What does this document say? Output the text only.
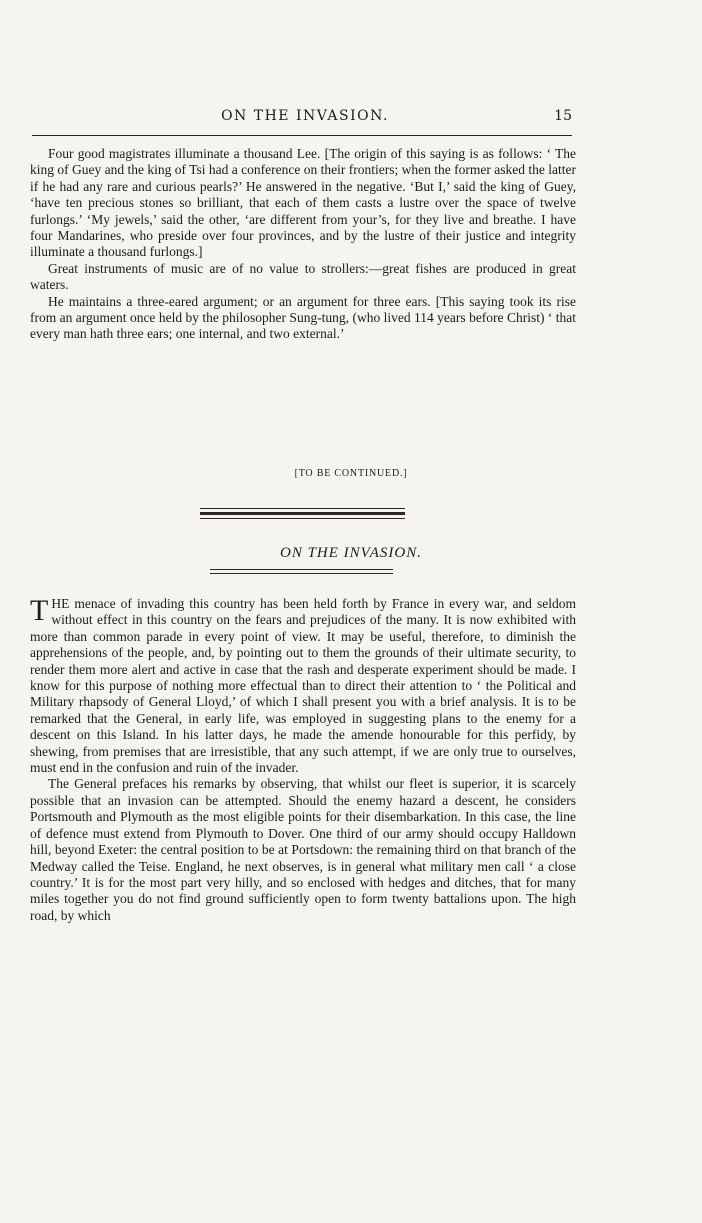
ON THE INVASION.	15

Four good magistrates illuminate a thousand Lee. [The origin of this saying is as follows: ‘ The king of Guey and the king of Tsi had a conference on their frontiers; when the former asked the latter if he had any rare and curious pearls?’ He answered in the negative. ‘But I,’ said the king of Guey, ‘have ten precious stones so brilliant, that each of them casts a lustre over the space of twelve furlongs.’ ‘My jewels,’ said the other, ‘are different from your’s, for they live and breathe. I have four Mandarines, who preside over four provinces, and by the lustre of their justice and integrity illuminate a thousand furlongs.]

Great instruments of music are of no value to strollers:—great fishes are produced in great waters.

He maintains a three-eared argument; or an argument for three ears. [This saying took its rise from an argument once held by the philosopher Sung-tung, (who lived 114 years before Christ) ‘ that every man hath three ears; one internal, and two external.’

[TO BE CONTINUED.]
ON THE INVASION.

THE menace of invading this country has been held forth by France in every war, and seldom without effect in this country on the fears and prejudices of the many. It is now exhibited with more than common parade in every point of view. It may be useful, therefore, to diminish the apprehensions of the people, and, by pointing out to them the grounds of their ultimate security, to render them more alert and active in case that the rash and desperate experiment should be made. I know for this purpose of nothing more effectual than to direct their attention to ‘ the Political and Military rhapsody of General Lloyd,’ of which I shall present you with a brief analysis. It is to be remarked that the General, in early life, was employed in suggesting plans to the enemy for a descent on this Island. In his latter days, he made the amende honourable for this perfidy, by shewing, from premises that are irresistible, that any such attempt, if we are only true to ourselves, must end in the confusion and ruin of the invader.

The General prefaces his remarks by observing, that whilst our fleet is superior, it is scarcely possible that an invasion can be attempted. Should the enemy hazard a descent, he considers Portsmouth and Plymouth as the most eligible points for their disembarkation. In this case, the line of defence must extend from Plymouth to Dover. One third of our army should occupy Halldown hill, beyond Exeter: the central position to be at Portsdown: the remaining third on that branch of the Medway called the Teise. England, he next observes, is in general what military men call ‘ a close country.’ It is for the most part very hilly, and so enclosed with hedges and ditches, that for many miles together you do not find ground sufficiently open to form twenty battalions upon. The high road, by which
